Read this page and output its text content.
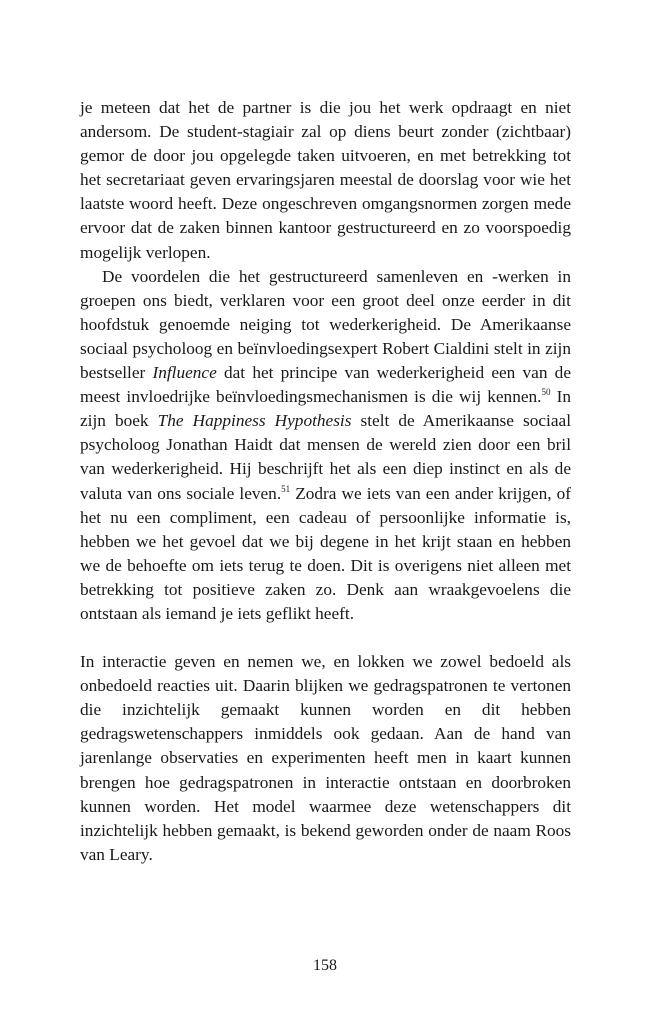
je meteen dat het de partner is die jou het werk opdraagt en niet andersom. De student-stagiair zal op diens beurt zonder (zichtbaar) gemor de door jou opgelegde taken uitvoeren, en met betrekking tot het secretariaat geven ervaringsjaren meestal de doorslag voor wie het laatste woord heeft. Deze ongeschreven omgangsnormen zorgen mede ervoor dat de zaken binnen kantoor gestructureerd en zo voorspoedig mogelijk verlopen.

De voordelen die het gestructureerd samenleven en -werken in groepen ons biedt, verklaren voor een groot deel onze eerder in dit hoofdstuk genoemde neiging tot wederkerigheid. De Amerikaanse sociaal psycholoog en beïnvloedingsexpert Robert Cialdini stelt in zijn bestseller Influence dat het principe van wederkerigheid een van de meest invloedrijke beïnvloedingsmechanismen is die wij kennen.$^{50}$ In zijn boek The Happiness Hypothesis stelt de Amerikaanse sociaal psycholoog Jonathan Haidt dat mensen de wereld zien door een bril van wederkerigheid. Hij beschrijft het als een diep instinct en als de valuta van ons sociale leven.$^{51}$ Zodra we iets van een ander krijgen, of het nu een compliment, een cadeau of persoonlijke informatie is, hebben we het gevoel dat we bij degene in het krijt staan en hebben we de behoefte om iets terug te doen. Dit is overigens niet alleen met betrekking tot positieve zaken zo. Denk aan wraakgevoelens die ontstaan als iemand je iets geflikt heeft.

In interactie geven en nemen we, en lokken we zowel bedoeld als onbedoeld reacties uit. Daarin blijken we gedragspatronen te vertonen die inzichtelijk gemaakt kunnen worden en dit hebben gedragswetenschappers inmiddels ook gedaan. Aan de hand van jarenlange observaties en experimenten heeft men in kaart kunnen brengen hoe gedragspatronen in interactie ontstaan en doorbroken kunnen worden. Het model waarmee deze wetenschappers dit inzichtelijk hebben gemaakt, is bekend geworden onder de naam Roos van Leary.

158
